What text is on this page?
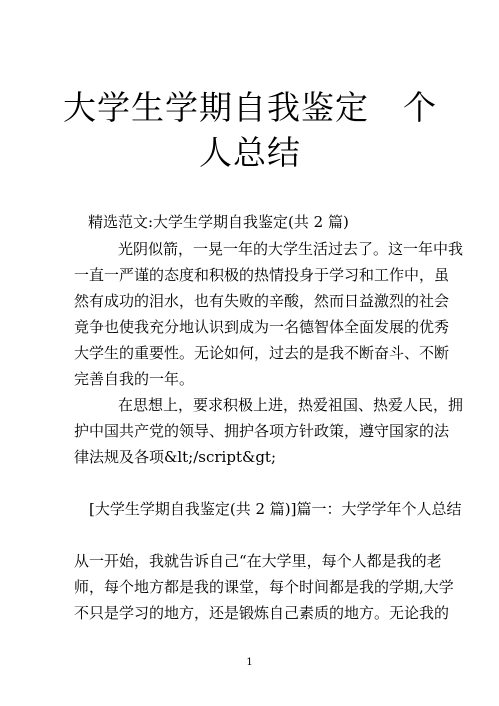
大学生学期自我鉴定　个
人总结
精选范文:大学生学期自我鉴定(共 2 篇)
光阴似箭，一晃一年的大学生活过去了。这一年中我
一直一严谨的态度和积极的热情投身于学习和工作中，虽
然有成功的泪水，也有失败的辛酸，然而日益激烈的社会
竟争也使我充分地认识到成为一名德智体全面发展的优秀
大学生的重要性。无论如何，过去的是我不断奋斗、不断
完善自我的一年。
在思想上，要求积极上进，热爱祖国、热爱人民，拥
护中国共产党的领导、拥护各项方针政策，遵守国家的法
律法规及各项&lt;/script&gt;
[大学生学期自我鉴定(共 2 篇)]篇一：大学学年个人总结
从一开始，我就告诉自己“在大学里，每个人都是我的老
师，每个地方都是我的课堂，每个时间都是我的学期,大学
不只是学习的地方，还是锻炼自己素质的地方。无论我的
1
